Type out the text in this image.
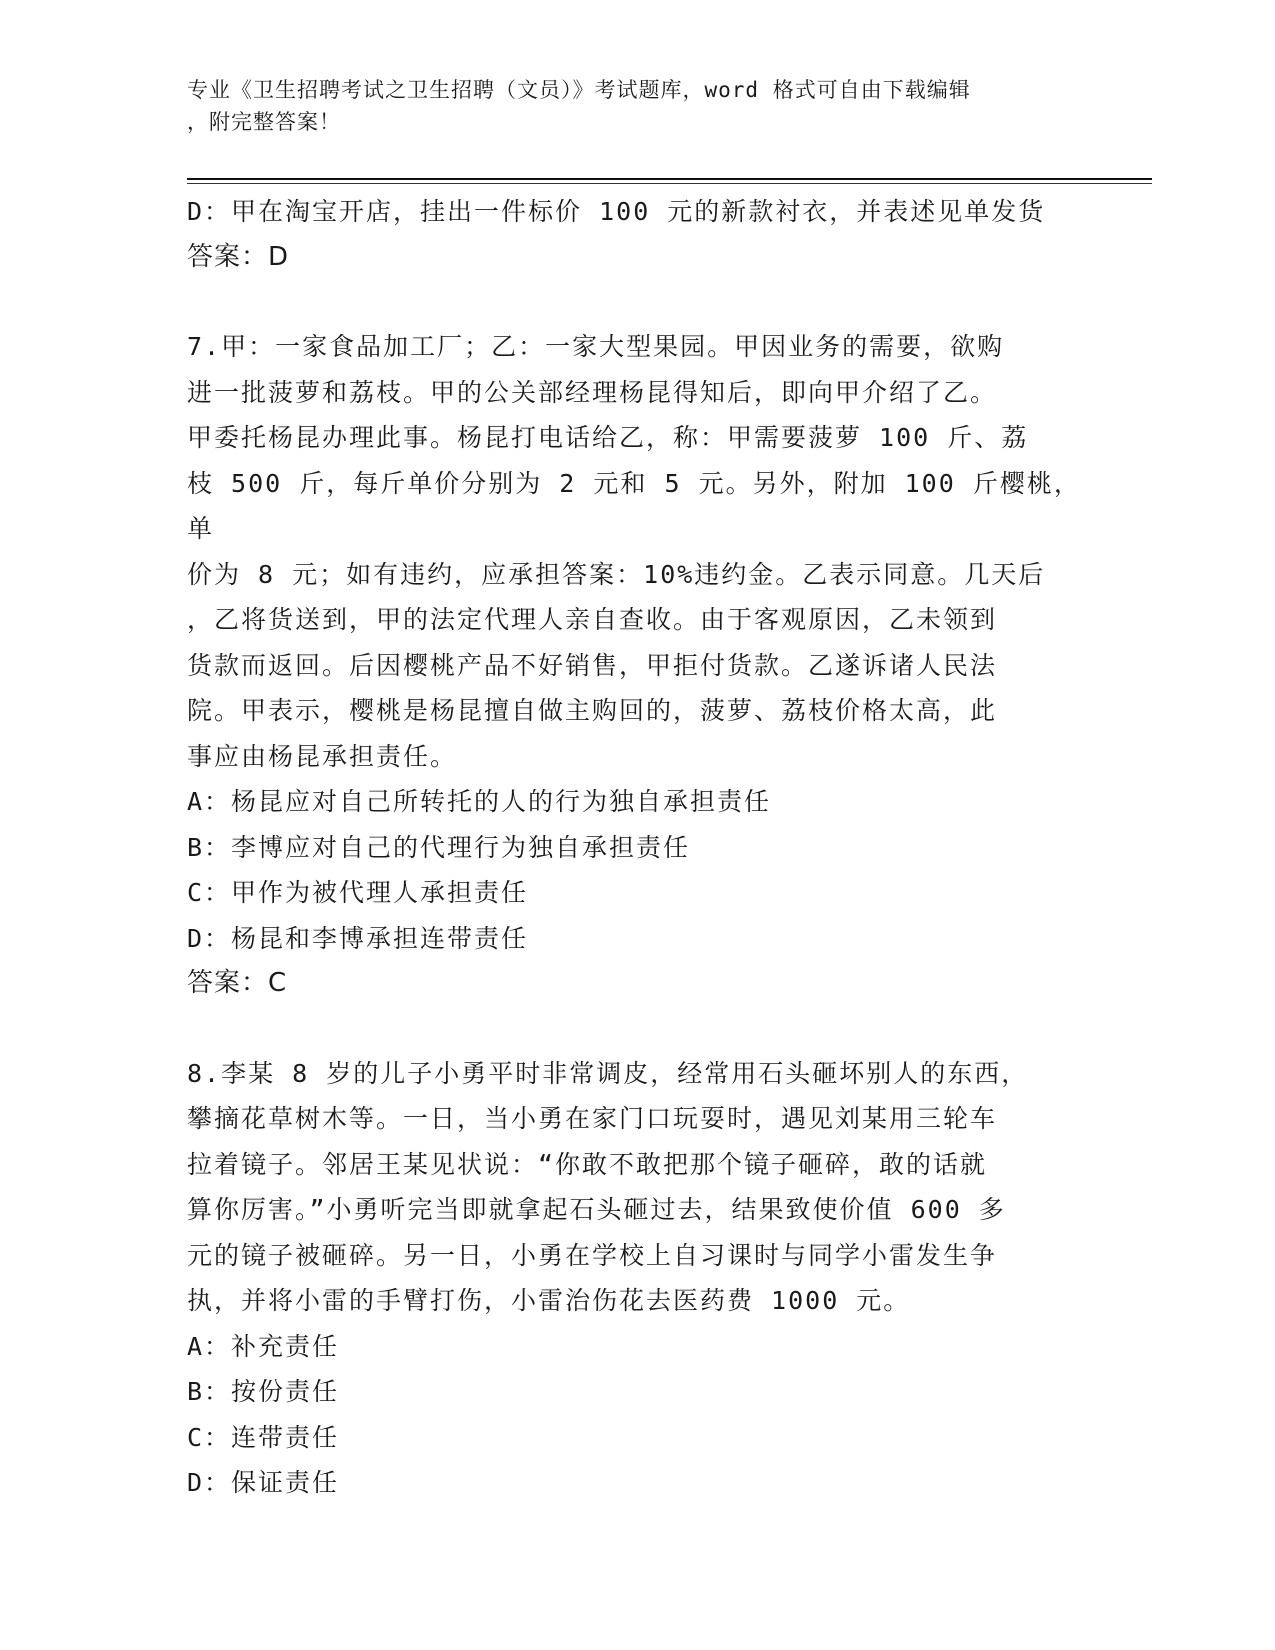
专业《卫生招聘考试之卫生招聘（文员）》考试题库，word 格式可自由下载编辑
，附完整答案！

D：甲在淘宝开店，挂出一件标价 100 元的新款衬衣，并表述见单发货

答案：D

7.甲：一家食品加工厂；乙：一家大型果园。甲因业务的需要，欲购

进一批菠萝和荔枝。甲的公关部经理杨昆得知后，即向甲介绍了乙。

甲委托杨昆办理此事。杨昆打电话给乙，称：甲需要菠萝 100 斤、荔

枝 500 斤，每斤单价分别为 2 元和 5 元。另外，附加 100 斤樱桃，单

价为 8 元；如有违约，应承担答案：10%违约金。乙表示同意。几天后

，乙将货送到，甲的法定代理人亲自查收。由于客观原因，乙未领到

货款而返回。后因樱桃产品不好销售，甲拒付货款。乙遂诉诸人民法

院。甲表示，樱桃是杨昆擅自做主购回的，菠萝、荔枝价格太高，此

事应由杨昆承担责任。

A：杨昆应对自己所转托的人的行为独自承担责任

B：李博应对自己的代理行为独自承担责任

C：甲作为被代理人承担责任

D：杨昆和李博承担连带责任

答案：C

8.李某 8 岁的儿子小勇平时非常调皮，经常用石头砸坏别人的东西，

攀摘花草树木等。一日，当小勇在家门口玩耍时，遇见刘某用三轮车

拉着镜子。邻居王某见状说：“你敢不敢把那个镜子砸碎，敢的话就

算你厉害。”小勇听完当即就拿起石头砸过去，结果致使价值 600 多

元的镜子被砸碎。另一日，小勇在学校上自习课时与同学小雷发生争

执，并将小雷的手臂打伤，小雷治伤花去医药费 1000 元。

A：补充责任

B：按份责任

C：连带责任

D：保证责任
